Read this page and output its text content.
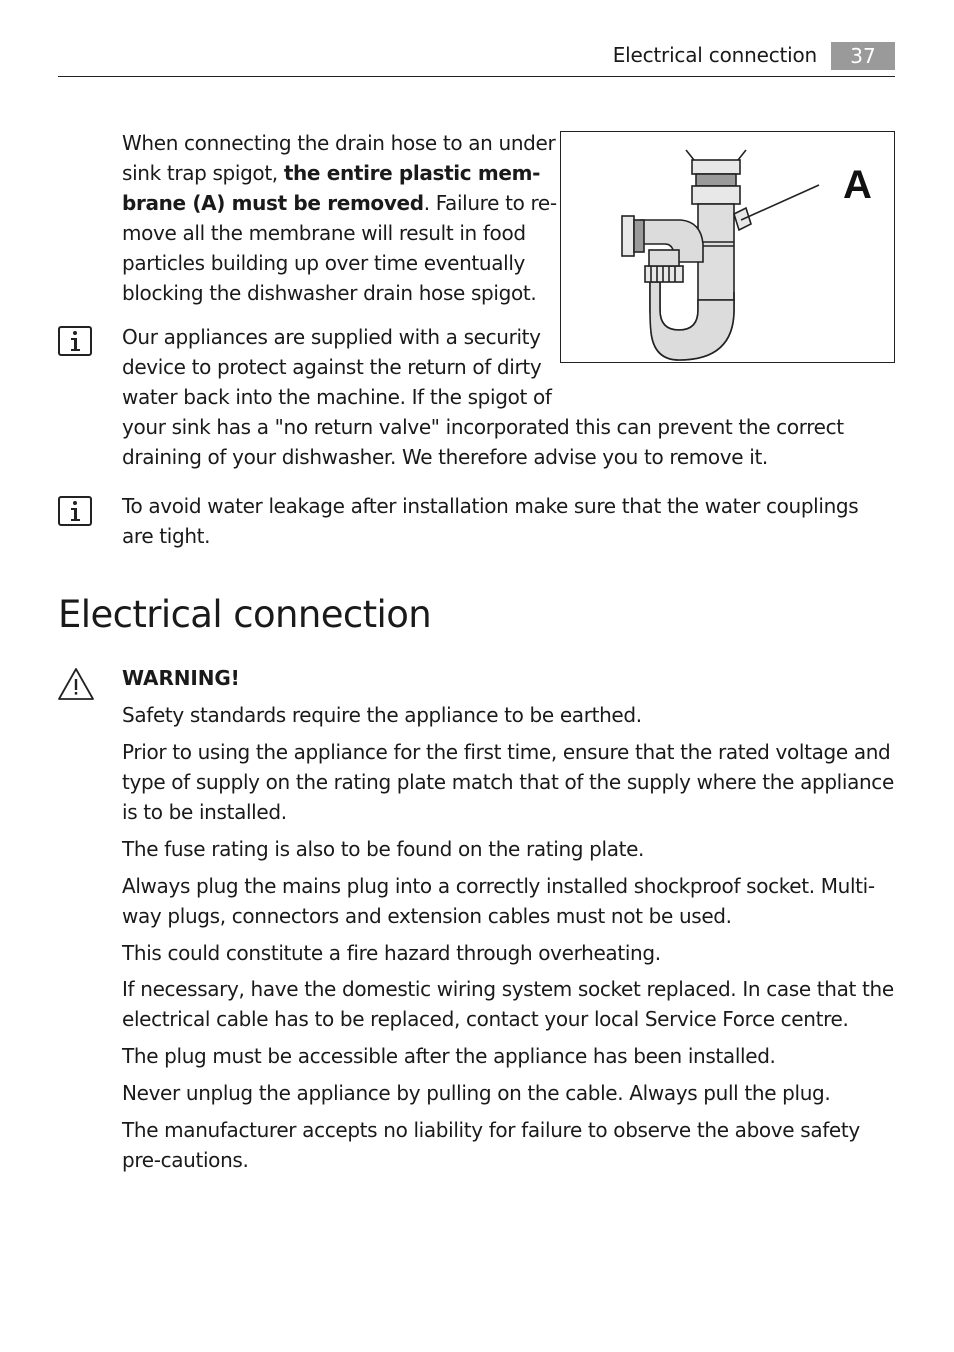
Electrical connection	37
When connecting the drain hose to an under
sink trap spigot, the entire plastic mem-
brane (A) must be removed. Failure to re-
move all the membrane will result in food
particles building up over time eventually
blocking the dishwasher drain hose spigot.
A
Our appliances are supplied with a security
device to protect against the return of dirty
water back into the machine. If the spigot of
your sink has a "no return valve" incorporated this can prevent the correct draining of your dishwasher. We therefore advise you to remove it.
To avoid water leakage after installation make sure that the water couplings are tight.
Electrical connection
WARNING!
Safety standards require the appliance to be earthed.
Prior to using the appliance for the first time, ensure that the rated voltage and type of supply on the rating plate match that of the supply where the appliance is to be installed.
The fuse rating is also to be found on the rating plate.
Always plug the mains plug into a correctly installed shockproof socket. Multi-way plugs, connectors and extension cables must not be used.
This could constitute a fire hazard through overheating.
If necessary, have the domestic wiring system socket replaced. In case that the electrical cable has to be replaced, contact your local Service Force centre.
The plug must be accessible after the appliance has been installed.
Never unplug the appliance by pulling on the cable. Always pull the plug.
The manufacturer accepts no liability for failure to observe the above safety pre-cautions.
